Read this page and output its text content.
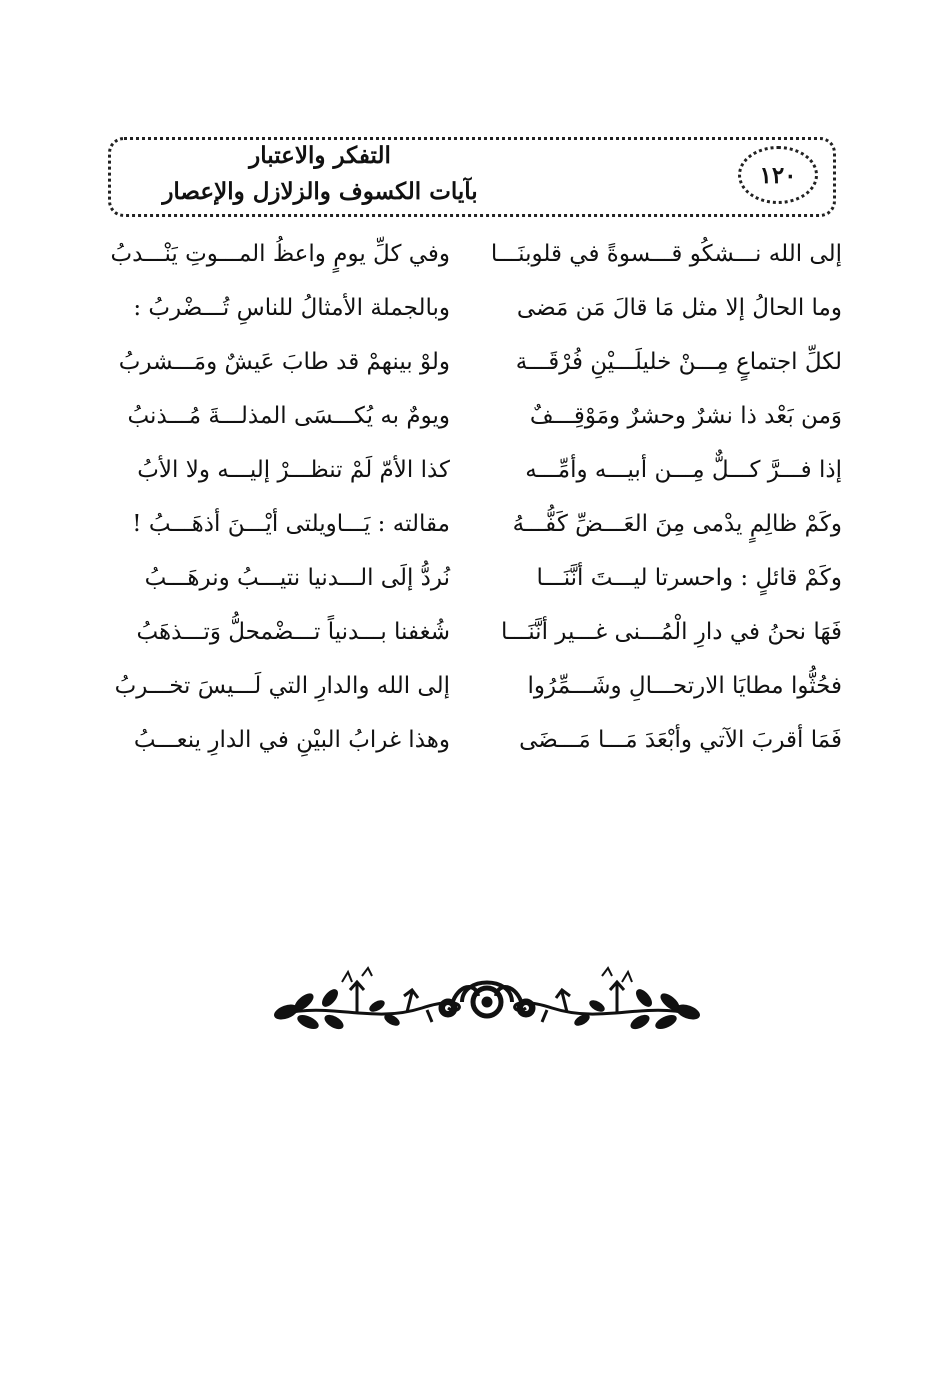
١٢٠
التفكر والاعتبار
بآيات الكسوف والزلازل والإعصار
إلى الله نـــشكُو قـــسوةً في قلوبنَـــا
وما الحالُ إلا مثل مَا قالَ مَن مَضى
لكلِّ اجتماعٍ مِـــنْ خليلَـــيْنِ فُرْقَـــة
وَمن بَعْد ذا نشرٌ وحشرٌ ومَوْقِـــفٌ
إذا فـــرَّ كـــلٌّ مِـــن أبيـــه وأمِّـــه
وكَمْ ظالِمٍ يدْمى مِنَ العَـــضِّ كَفُّـــهُ
وكَمْ قائلٍ : واحسرتا ليـــتَ أنَّنَـــا
فَهَا نحنُ في دارِ الْمُـــنى غـــير أنَّنَـــا
فحُثُّوا مطايَا الارتحـــالِ وشَـــمِّرُوا
فَمَا أقربَ الآتي وأبْعَدَ مَـــا مَـــضَى
وفي كلِّ يومٍ واعظُ المـــوتِ يَنْـــدبُ
وبالجملة الأمثالُ للناسِ تُـــضْربُ :
ولوْ بينهمْ قد طابَ عَيشٌ ومَـــشربُ
ويومٌ به يُكـــسَى المذلـــةَ مُـــذنبُ
كذا الأمّ لَمْ تنظـــرْ إليـــه ولا الأبُ
مقالته : يَـــاويلتى أيْـــنَ أذهَـــبُ !
نُردُّ إلَى الـــدنيا نتيـــبُ ونرهَـــبُ
شُغفنا بـــدنياً تـــضْمحلُّ وَتـــذهَبُ
إلى الله والدارِ التي لَـــيسَ تخـــربُ
وهذا غرابُ البيْنِ في الدارِ ينعـــبُ
